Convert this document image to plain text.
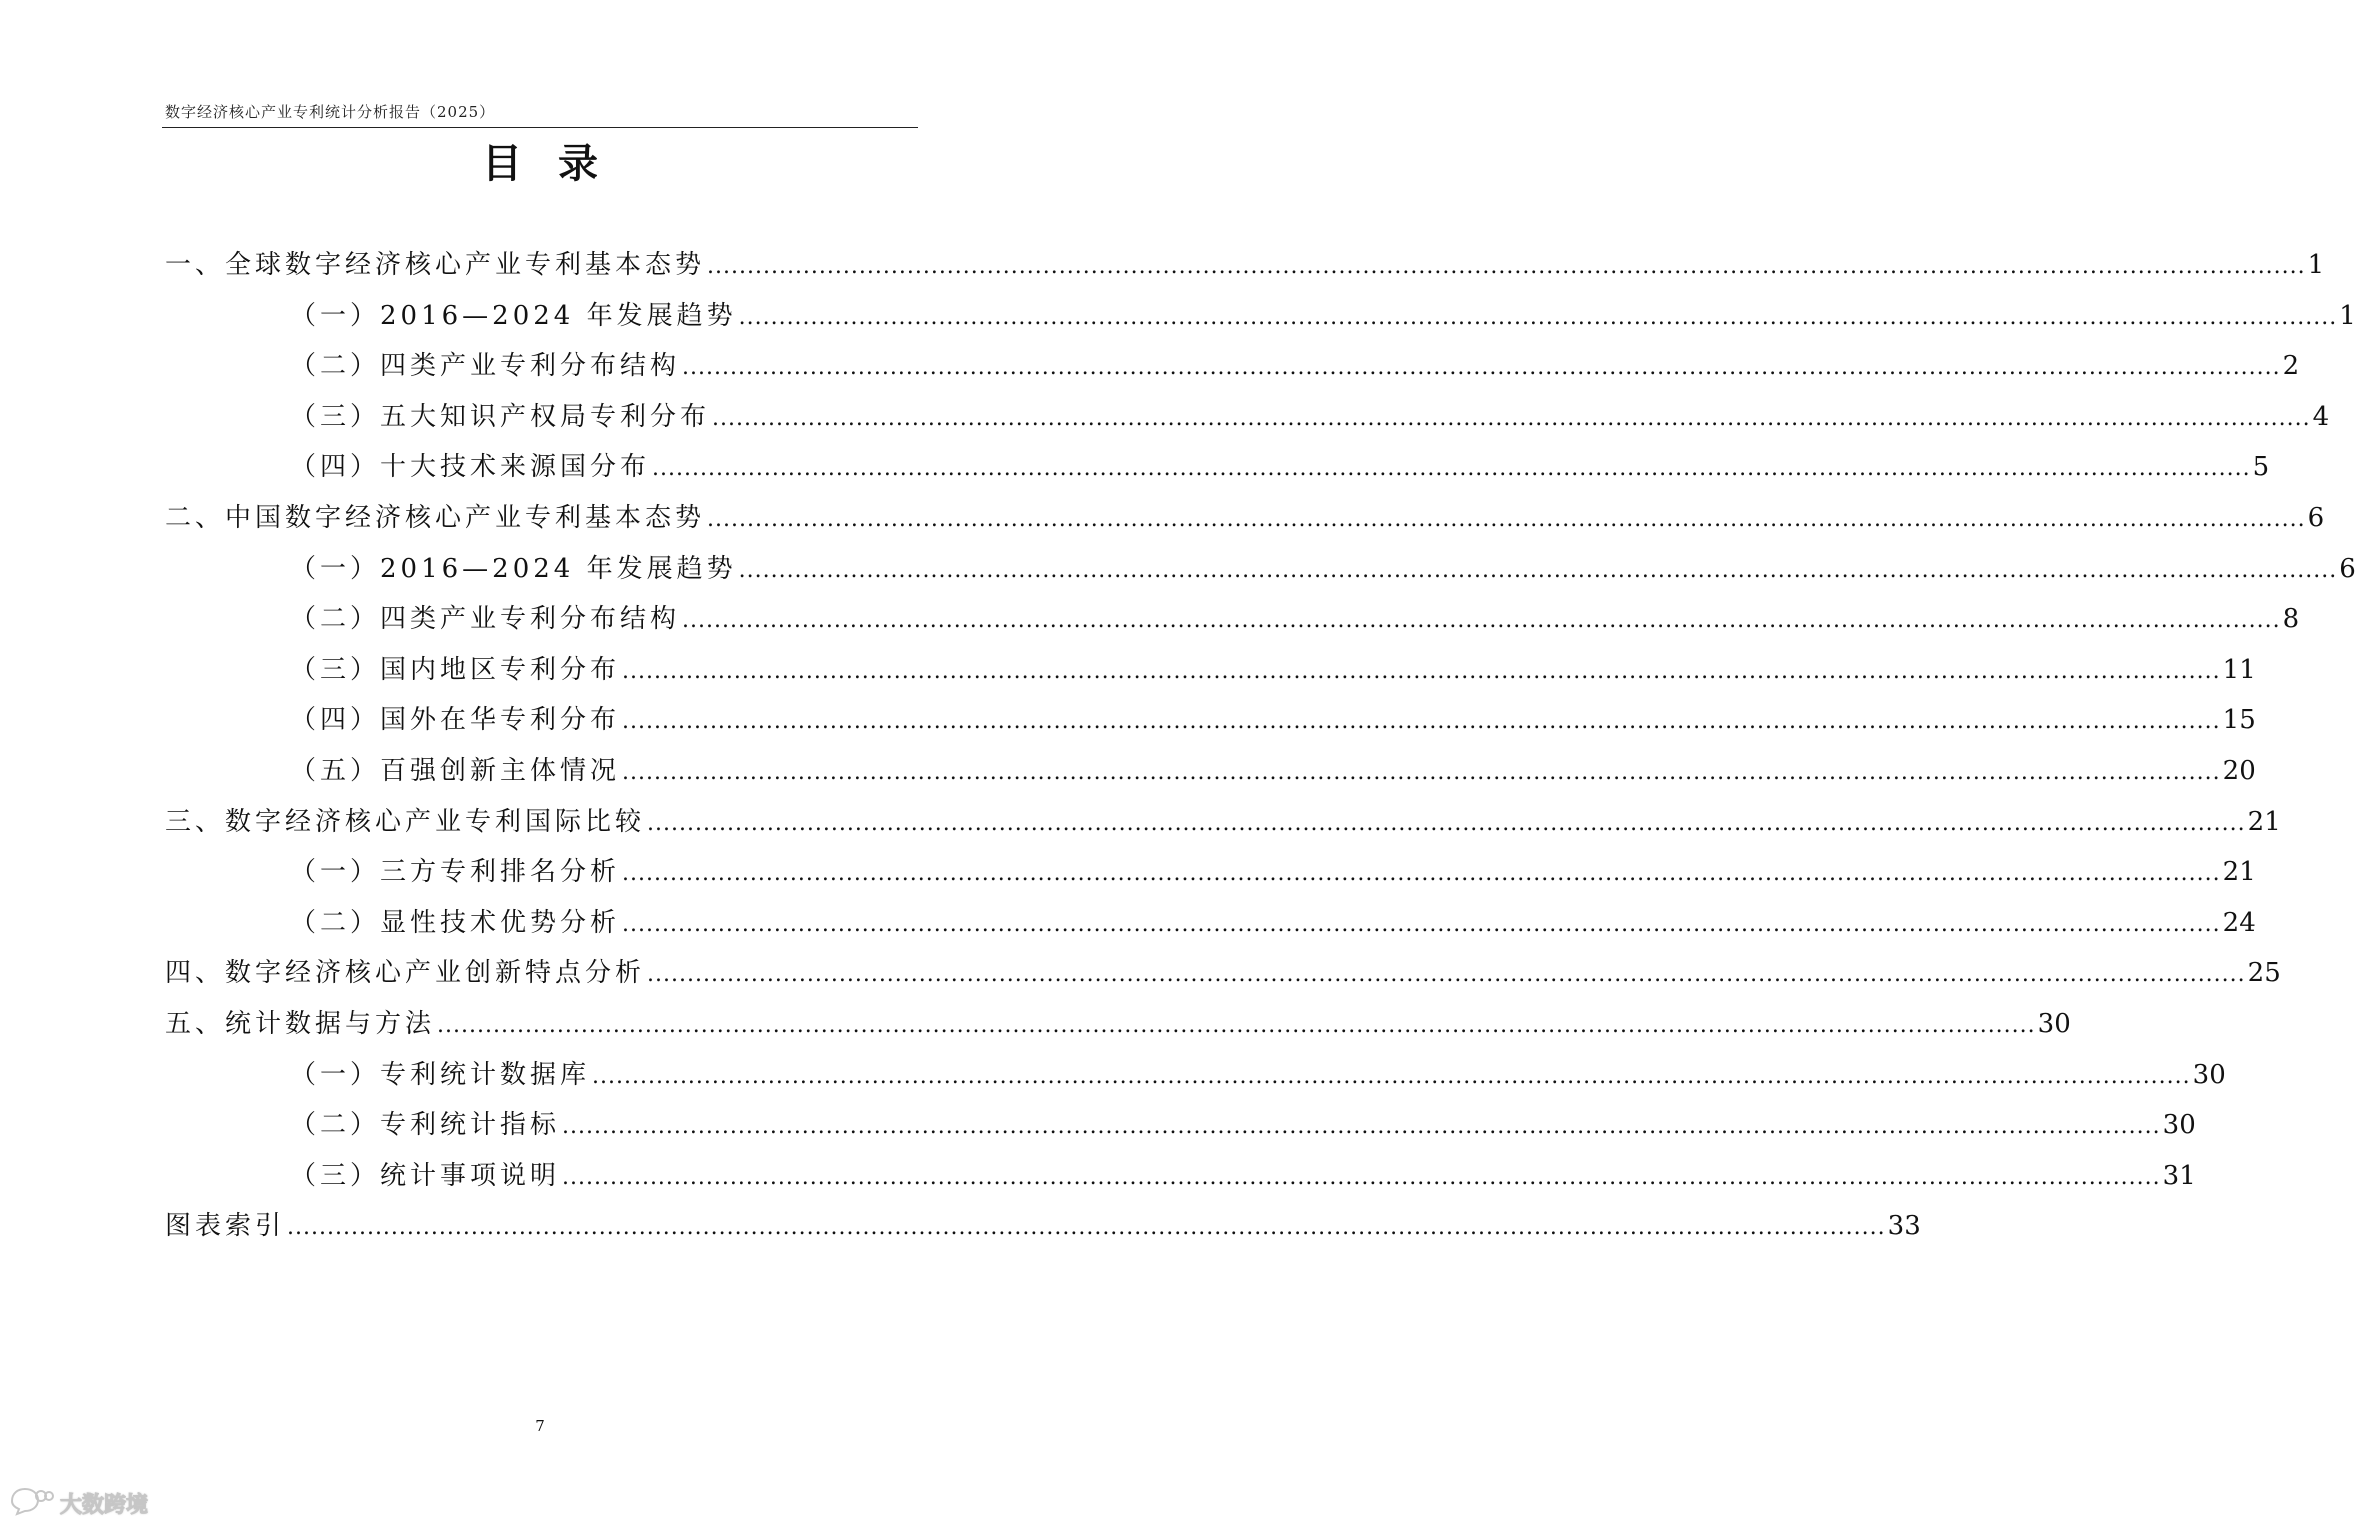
数字经济核心产业专利统计分析报告（2025）
目录
一、全球数字经济核心产业专利基本态势 ........................................................................................................................................................................................................ 1
（一）2016—2024 年发展趋势 ........................................................................................................................................................................................................ 1
（二）四类产业专利分布结构 ........................................................................................................................................................................................................ 2
（三）五大知识产权局专利分布 ........................................................................................................................................................................................................ 4
（四）十大技术来源国分布 ........................................................................................................................................................................................................ 5
二、中国数字经济核心产业专利基本态势 ........................................................................................................................................................................................................ 6
（一）2016—2024 年发展趋势 ........................................................................................................................................................................................................ 6
（二）四类产业专利分布结构 ........................................................................................................................................................................................................ 8
（三）国内地区专利分布 ........................................................................................................................................................................................................ 11
（四）国外在华专利分布 ........................................................................................................................................................................................................ 15
（五）百强创新主体情况 ........................................................................................................................................................................................................ 20
三、数字经济核心产业专利国际比较 ........................................................................................................................................................................................................ 21
（一）三方专利排名分析 ........................................................................................................................................................................................................ 21
（二）显性技术优势分析 ........................................................................................................................................................................................................ 24
四、数字经济核心产业创新特点分析 ........................................................................................................................................................................................................ 25
五、统计数据与方法 ........................................................................................................................................................................................................ 30
（一）专利统计数据库 ........................................................................................................................................................................................................ 30
（二）专利统计指标 ........................................................................................................................................................................................................ 30
（三）统计事项说明 ........................................................................................................................................................................................................ 31
图表索引 ........................................................................................................................................................................................................ 33
7
大数跨境
